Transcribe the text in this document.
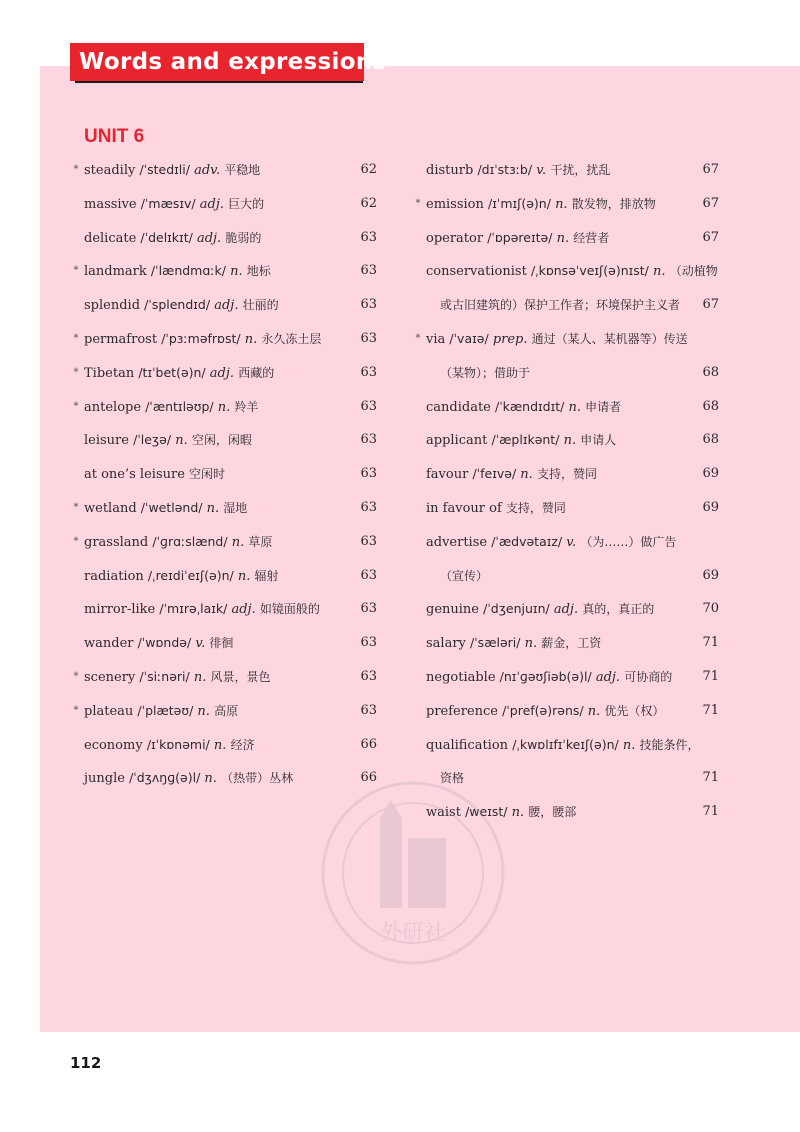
Words and expressions
UNIT 6
* steadily /ˈstedɪli/ adv. 平稳地	62
massive /ˈmæsɪv/ adj. 巨大的	62
delicate /ˈdelɪkɪt/ adj. 脆弱的	63
* landmark /ˈlændmɑːk/ n. 地标	63
splendid /ˈsplendɪd/ adj. 壮丽的	63
* permafrost /ˈpɜːməfrɒst/ n. 永久冻土层	63
* Tibetan /tɪˈbet(ə)n/ adj. 西藏的	63
* antelope /ˈæntɪləʊp/ n. 羚羊	63
leisure /ˈleʒə/ n. 空闲，闲暇	63
at one’s leisure 空闲时	63
* wetland /ˈwetlənd/ n. 湿地	63
* grassland /ˈɡrɑːslænd/ n. 草原	63
radiation /ˌreɪdiˈeɪʃ(ə)n/ n. 辐射	63
mirror-like /ˈmɪrəˌlaɪk/ adj. 如镜面般的	63
wander /ˈwɒndə/ v. 徘徊	63
* scenery /ˈsiːnəri/ n. 风景，景色	63
* plateau /ˈplætəʊ/ n. 高原	63
economy /ɪˈkɒnəmi/ n. 经济	66
jungle /ˈdʒʌŋɡ(ə)l/ n. （热带）丛林	66
disturb /dɪˈstɜːb/ v. 干扰，扰乱	67
* emission /ɪˈmɪʃ(ə)n/ n. 散发物，排放物	67
operator /ˈɒpəreɪtə/ n. 经营者	67
conservationist /ˌkɒnsəˈveɪʃ(ə)nɪst/ n. （动植物
或古旧建筑的）保护工作者；环境保护主义者	67
* via /ˈvaɪə/ prep. 通过（某人、某机器等）传送
（某物）；借助于	68
candidate /ˈkændɪdɪt/ n. 申请者	68
applicant /ˈæplɪkənt/ n. 申请人	68
favour /ˈfeɪvə/ n. 支持，赞同	69
in favour of 支持，赞同	69
advertise /ˈædvətaɪz/ v. （为……）做广告
（宣传）	69
genuine /ˈdʒenjuɪn/ adj. 真的，真正的	70
salary /ˈsæləri/ n. 薪金，工资	71
negotiable /nɪˈɡəʊʃiəb(ə)l/ adj. 可协商的	71
preference /ˈpref(ə)rəns/ n. 优先（权）	71
qualification /ˌkwɒlɪfɪˈkeɪʃ(ə)n/ n. 技能条件，
资格	71
waist /weɪst/ n. 腰，腰部	71
外研社
112
